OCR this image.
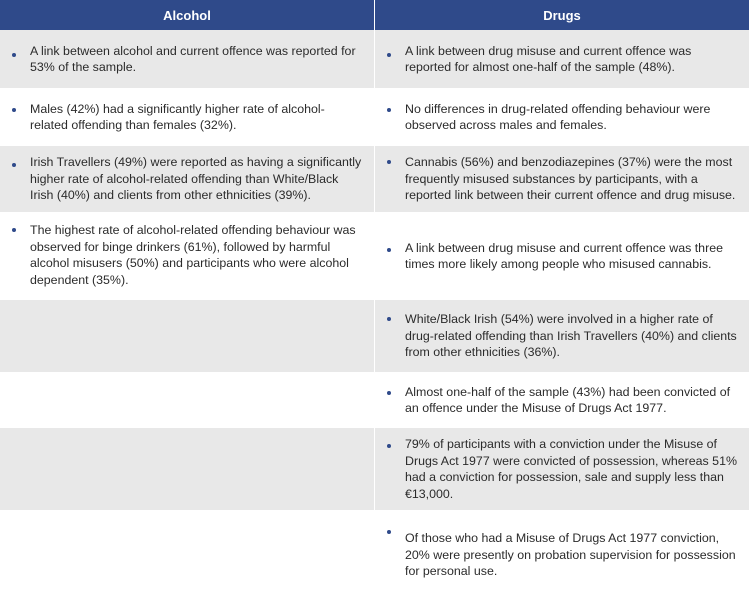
Alcohol	Drugs
A link between alcohol and current offence was reported for 53% of the sample.
A link between drug misuse and current offence was reported for almost one-half of the sample (48%).
Males (42%) had a significantly higher rate of alcohol-related offending than females (32%).
No differences in drug-related offending behaviour were observed across males and females.
Irish Travellers (49%) were reported as having a significantly higher rate of alcohol-related offending than White/Black Irish (40%) and clients from other ethnicities (39%).
Cannabis (56%) and benzodiazepines (37%) were the most frequently misused substances by participants, with a reported link between their current offence and drug misuse.
The highest rate of alcohol-related offending behaviour was observed for binge drinkers (61%), followed by harmful alcohol misusers (50%) and participants who were alcohol dependent (35%).
A link between drug misuse and current offence was three times more likely among people who misused cannabis.
White/Black Irish (54%) were involved in a higher rate of drug-related offending than Irish Travellers (40%) and clients from other ethnicities (36%).
Almost one-half of the sample (43%) had been convicted of an offence under the Misuse of Drugs Act 1977.
79% of participants with a conviction under the Misuse of Drugs Act 1977 were convicted of possession, whereas 51% had a conviction for possession, sale and supply less than €13,000.
Of those who had a Misuse of Drugs Act 1977 conviction, 20% were presently on probation supervision for possession for personal use.
